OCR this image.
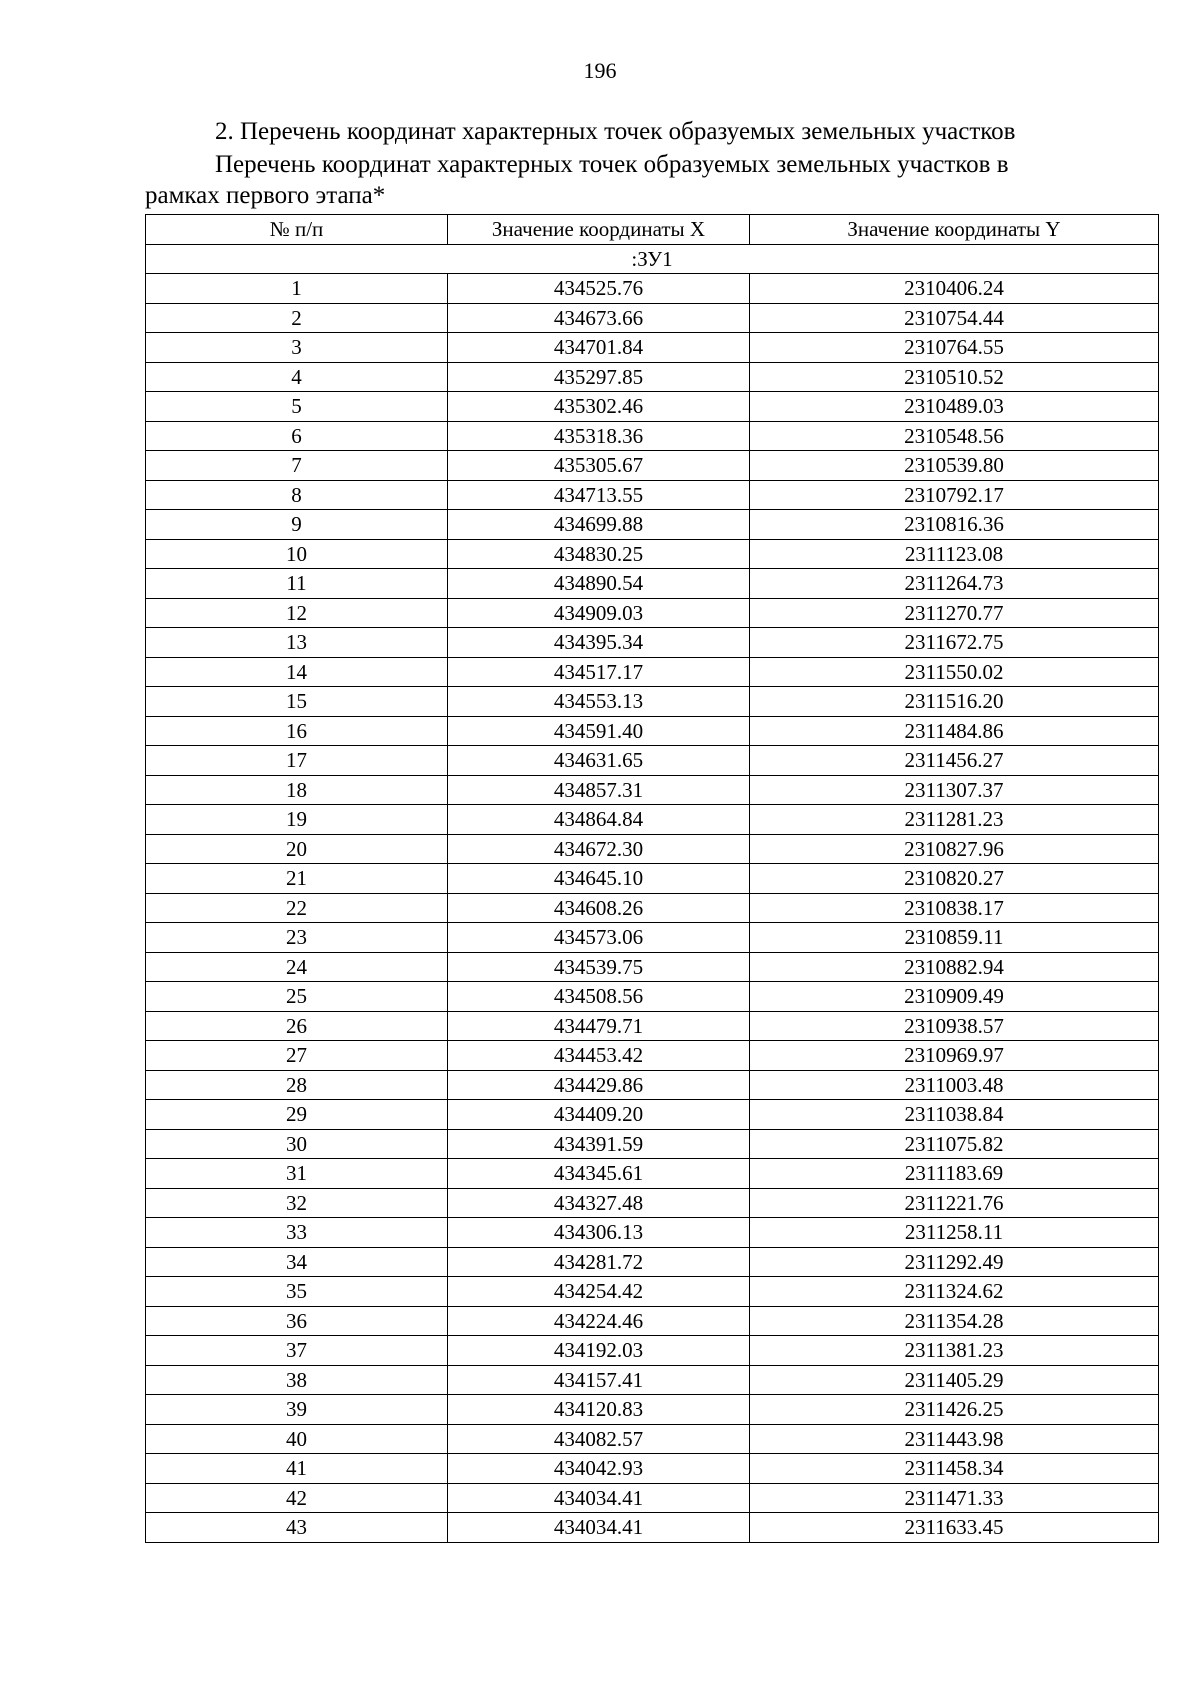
196
2. Перечень координат характерных точек образуемых земельных участков
Перечень координат характерных точек образуемых земельных участков в
рамках первого этапа*
№ п/п	Значение координаты X	Значение координаты Y
:ЗУ1		
1	434525.76	2310406.24
2	434673.66	2310754.44
3	434701.84	2310764.55
4	435297.85	2310510.52
5	435302.46	2310489.03
6	435318.36	2310548.56
7	435305.67	2310539.80
8	434713.55	2310792.17
9	434699.88	2310816.36
10	434830.25	2311123.08
11	434890.54	2311264.73
12	434909.03	2311270.77
13	434395.34	2311672.75
14	434517.17	2311550.02
15	434553.13	2311516.20
16	434591.40	2311484.86
17	434631.65	2311456.27
18	434857.31	2311307.37
19	434864.84	2311281.23
20	434672.30	2310827.96
21	434645.10	2310820.27
22	434608.26	2310838.17
23	434573.06	2310859.11
24	434539.75	2310882.94
25	434508.56	2310909.49
26	434479.71	2310938.57
27	434453.42	2310969.97
28	434429.86	2311003.48
29	434409.20	2311038.84
30	434391.59	2311075.82
31	434345.61	2311183.69
32	434327.48	2311221.76
33	434306.13	2311258.11
34	434281.72	2311292.49
35	434254.42	2311324.62
36	434224.46	2311354.28
37	434192.03	2311381.23
38	434157.41	2311405.29
39	434120.83	2311426.25
40	434082.57	2311443.98
41	434042.93	2311458.34
42	434034.41	2311471.33
43	434034.41	2311633.45
